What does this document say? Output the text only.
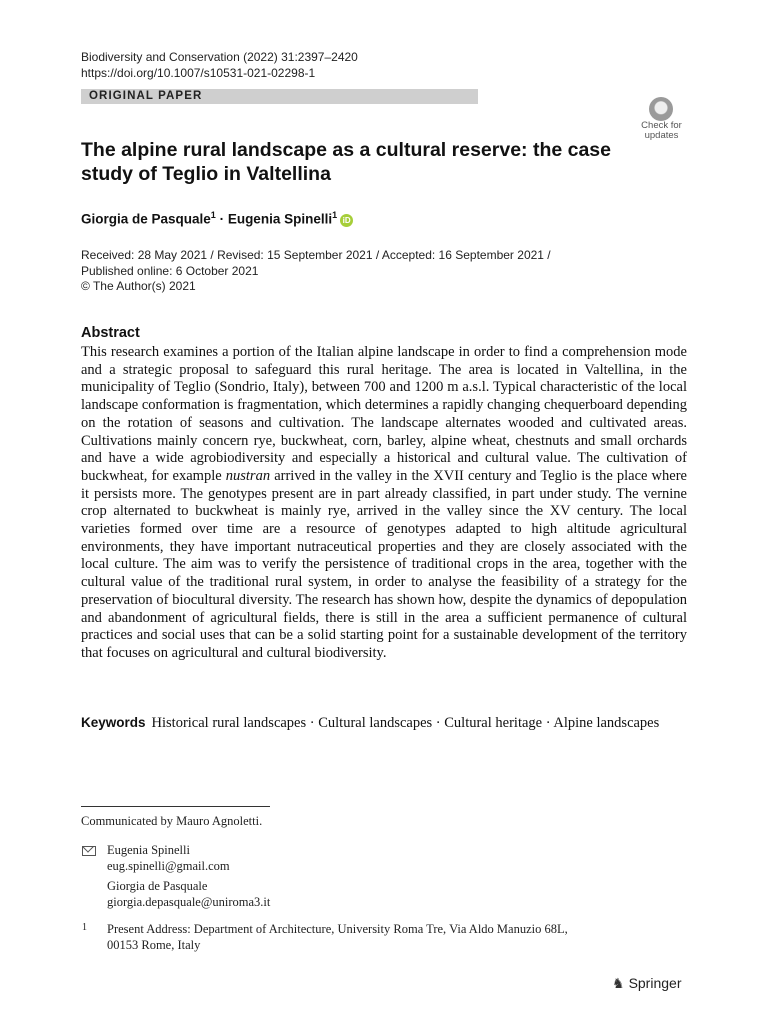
Biodiversity and Conservation (2022) 31:2397–2420
https://doi.org/10.1007/s10531-021-02298-1
ORIGINAL PAPER
Check for
updates
The alpine rural landscape as a cultural reserve: the case study of Teglio in Valtellina
Giorgia de Pasquale$^1$ · Eugenia Spinelli$^1$ iD
Received: 28 May 2021 / Revised: 15 September 2021 / Accepted: 16 September 2021 /
Published online: 6 October 2021
© The Author(s) 2021
Abstract

This research examines a portion of the Italian alpine landscape in order to find a comprehension mode and a strategic proposal to safeguard this rural heritage. The area is located in Valtellina, in the municipality of Teglio (Sondrio, Italy), between 700 and 1200 m a.s.l. Typical characteristic of the local landscape conformation is fragmentation, which determines a rapidly changing chequerboard depending on the rotation of seasons and cultivation. The landscape alternates wooded and cultivated areas. Cultivations mainly concern rye, buckwheat, corn, barley, alpine wheat, chestnuts and small orchards and have a wide agrobiodiversity and especially a historical and cultural value. The cultivation of buckwheat, for example nustran arrived in the valley in the XVII century and Teglio is the place where it persists more. The genotypes present are in part already classified, in part under study. The vernine crop alternated to buckwheat is mainly rye, arrived in the valley since the XV century. The local varieties formed over time are a resource of genotypes adapted to high altitude agricultural environments, they have important nutraceutical properties and they are closely associated with the local culture. The aim was to verify the persistence of traditional crops in the area, together with the cultural value of the traditional rural system, in order to analyse the feasibility of a strategy for the preservation of biocultural diversity. The research has shown how, despite the dynamics of depopulation and abandonment of agricultural fields, there is still in the area a sufficient permanence of cultural practices and social uses that can be a solid starting point for a sustainable development of the territory that focuses on agricultural and cultural biodiversity.

Keywords Historical rural landscapes · Cultural landscapes · Cultural heritage · Alpine landscapes

Communicated by Mauro Agnoletti.
Eugenia Spinelli
eug.spinelli@gmail.com
Giorgia de Pasquale
giorgia.depasquale@uniroma3.it
1 Present Address: Department of Architecture, University Roma Tre, Via Aldo Manuzio 68L,
00153 Rome, Italy
♞ Springer
